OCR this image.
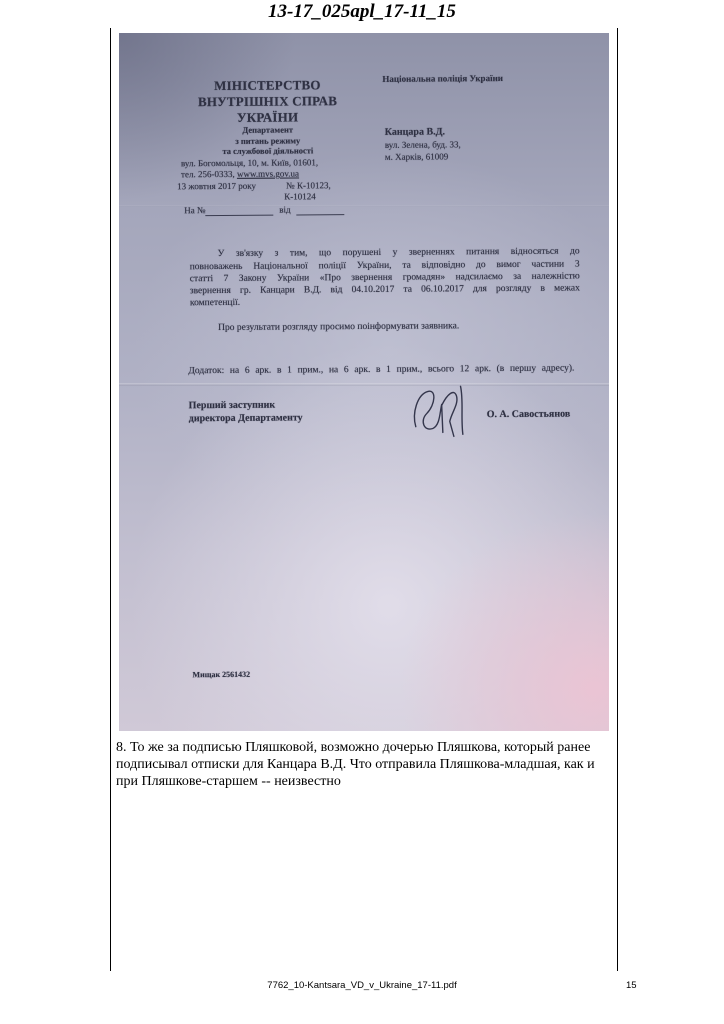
13-17_025apl_17-11_15
МІНІСТЕРСТВО
ВНУТРІШНІХ СПРАВ
УКРАЇНИ
Департамент
з питань режиму
та службової діяльності
вул. Богомольця, 10, м. Київ, 01601,
тел. 256-0333, www.mvs.gov.ua
13 жовтня 2017 року	№ К-10123,
К-10124
На №	від
Національна поліція України
Канцара В.Д.
вул. Зелена, буд. 33,
м. Харків, 61009
У зв'язку з тим, що порушені у зверненнях питання відносяться до
повноважень Національної поліції України, та відповідно до вимог частини 3
статті 7 Закону України «Про звернення громадян» надсилаємо за належністю
звернення гр. Канцари В.Д. від 04.10.2017 та 06.10.2017 для розгляду в межах
компетенції.
Про результати розгляду просимо поінформувати заявника.
Додаток: на 6 арк. в 1 прим., на 6 арк. в 1 прим., всього 12 арк. (в першу адресу).
Перший заступник
директора Департаменту	О. А. Савостьянов
Мищак 2561432
8. То же за подписью Пляшковой, возможно дочерью Пляшкова, который ранее
подписывал отписки для Канцара В.Д. Что отправила Пляшкова-младшая, как и
при Пляшкове-старшем -- неизвестно
7762_10-Kantsara_VD_v_Ukraine_17-11.pdf	15
